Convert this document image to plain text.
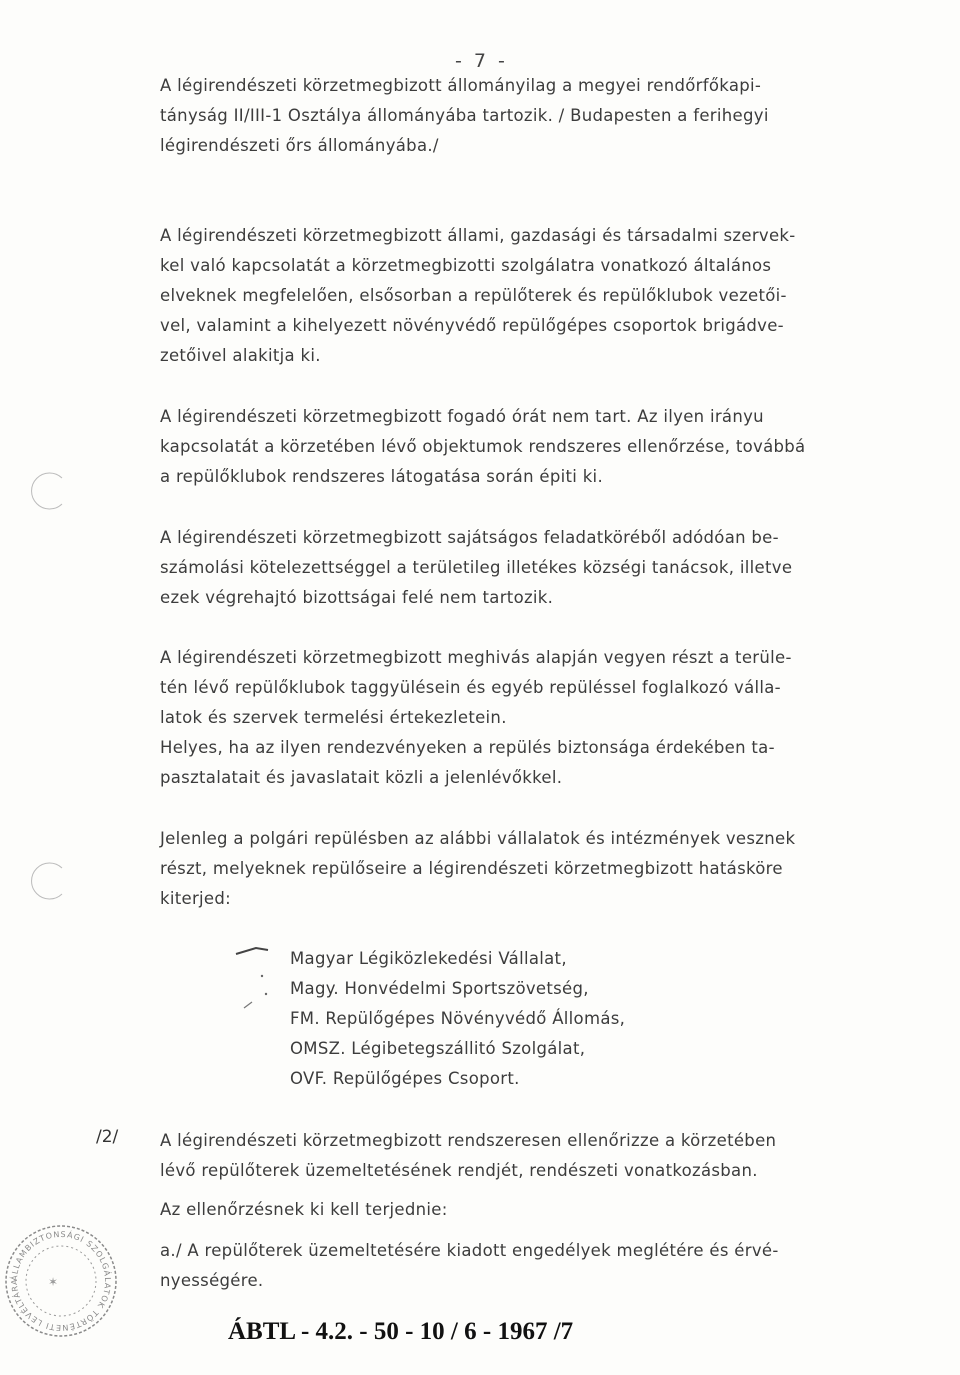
- 7 -
A légirendészeti körzetmegbizott állományilag a megyei rendőrfőkapi-
tányság II/III-1 Osztálya állományába tartozik. / Budapesten a ferihegyi
légirendészeti őrs állományába./
A légirendészeti körzetmegbizott állami, gazdasági és társadalmi szervek-
kel való kapcsolatát a körzetmegbizotti szolgálatra vonatkozó általános
elveknek megfelelően, elsősorban a repülőterek és repülőklubok vezetői-
vel, valamint a kihelyezett növényvédő repülőgépes csoportok brigádve-
zetőivel alakitja ki.
A légirendészeti körzetmegbizott fogadó órát nem tart. Az ilyen irányu
kapcsolatát a körzetében lévő objektumok rendszeres ellenőrzése, továbbá
a repülőklubok rendszeres látogatása során épiti ki.
A légirendészeti körzetmegbizott sajátságos feladatköréből adódóan be-
számolási kötelezettséggel a területileg illetékes községi tanácsok, illetve
ezek végrehajtó bizottságai felé nem tartozik.
A légirendészeti körzetmegbizott meghivás alapján vegyen részt a terüle-
tén lévő repülőklubok taggyülésein és egyéb repüléssel foglalkozó válla-
latok és szervek termelési értekezletein.
Helyes, ha az ilyen rendezvényeken a repülés biztonsága érdekében ta-
pasztalatait és javaslatait közli a jelenlévőkkel.
Jelenleg a polgári repülésben az alábbi vállalatok és intézmények vesznek
részt, melyeknek repülőseire a légirendészeti körzetmegbizott hatásköre
kiterjed:
Magyar Légiközlekedési Vállalat,
Magy. Honvédelmi Sportszövetség,
FM. Repülőgépes Növényvédő Állomás,
OMSZ. Légibetegszállitó Szolgálat,
OVF. Repülőgépes Csoport.
/2/	A légirendészeti körzetmegbizott rendszeresen ellenőrizze a körzetében
lévő repülőterek üzemeltetésének rendjét, rendészeti vonatkozásban.
Az ellenőrzésnek ki kell terjednie:
a./ A repülőterek üzemeltetésére kiadott engedélyek meglétére és érvé-
nyességére.
ÁLLAMBIZTONSÁGI SZOLGÁLATOK TÖRTÉNETI LEVÉLTÁRA	✶
ÁBTL - 4.2. - 50 - 10 / 6 - 1967 /7
